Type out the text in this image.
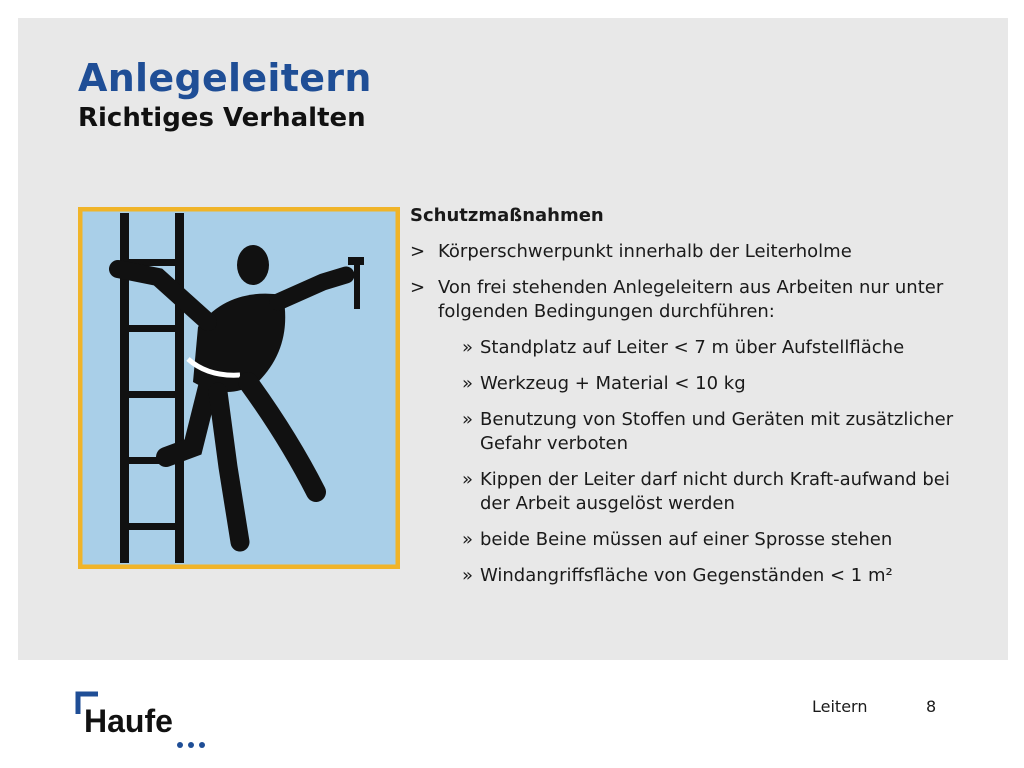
Anlegeleitern
Richtiges Verhalten
Schutzmaßnahmen
> Körperschwerpunkt innerhalb der Leiterholme
> Von frei stehenden Anlegeleitern aus Arbeiten nur unter folgenden Bedingungen durchführen:
» Standplatz auf Leiter < 7 m über Aufstellfläche
» Werkzeug + Material < 10 kg
» Benutzung von Stoffen und Geräten mit zusätzlicher Gefahr verboten
» Kippen der Leiter darf nicht durch Kraft-aufwand bei der Arbeit ausgelöst werden
» beide Beine müssen auf einer Sprosse stehen
» Windangriffsfläche von Gegenständen < 1 m²
Haufe	Leitern	8
